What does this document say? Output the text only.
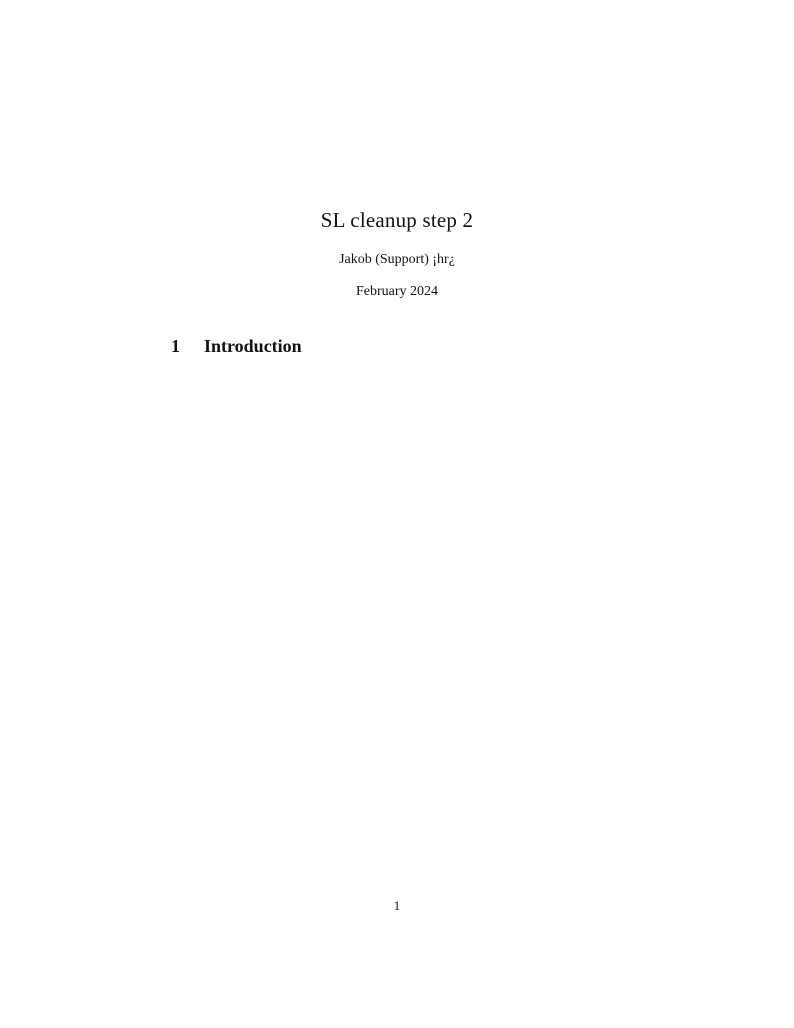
SL cleanup step 2
Jakob (Support) ¡hr¿
February 2024
1 Introduction
1
